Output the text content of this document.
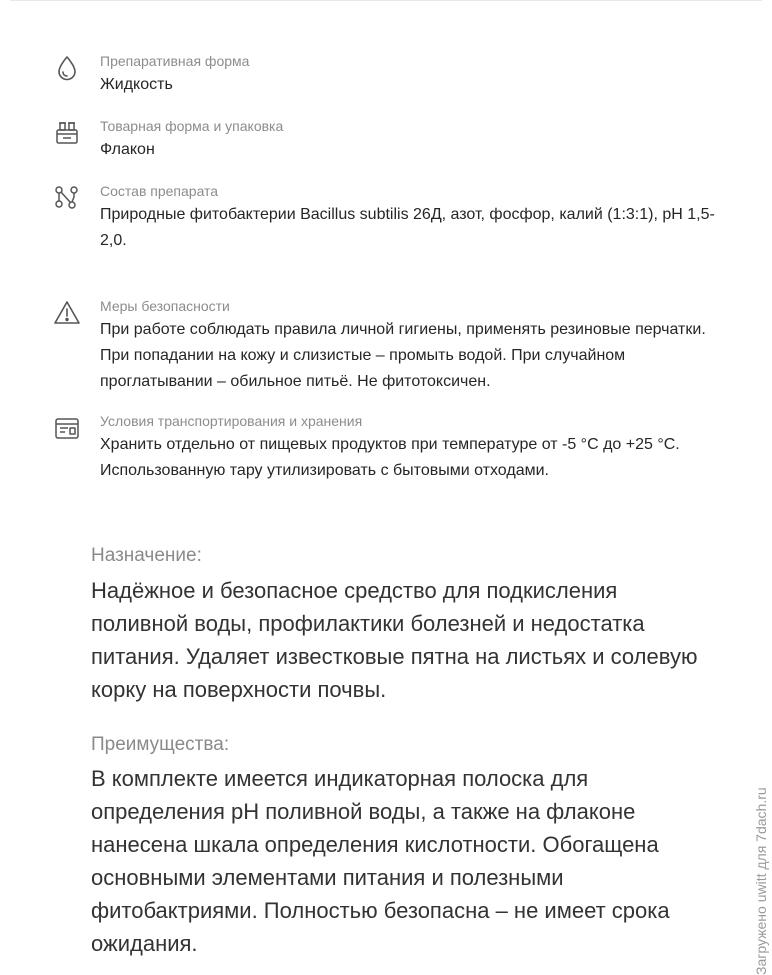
Препаративная форма
Жидкость
Товарная форма и упаковка
Флакон
Состав препарата
Природные фитобактерии Bacillus subtilis 26Д, азот, фосфор, калий (1:3:1), pH 1,5-2,0.
Меры безопасности
При работе соблюдать правила личной гигиены, применять резиновые перчатки. При попадании на кожу и слизистые – промыть водой. При случайном проглатывании – обильное питьё. Не фитотоксичен.
Условия транспортирования и хранения
Хранить отдельно от пищевых продуктов при температуре от -5 °С до +25 °С. Использованную тару утилизировать с бытовыми отходами.
Назначение:
Надёжное и безопасное средство для подкисления поливной воды, профилактики болезней и недостатка питания. Удаляет известковые пятна на листьях и солевую корку на поверхности почвы.
Преимущества:
В комплекте имеется индикаторная полоска для определения pH поливной воды, а также на флаконе нанесена шкала определения кислотности. Обогащена основными элементами питания и полезными фитобактриями. Полностью безопасна – не имеет срока ожидания.	Загружено uwitt для 7dach.ru
